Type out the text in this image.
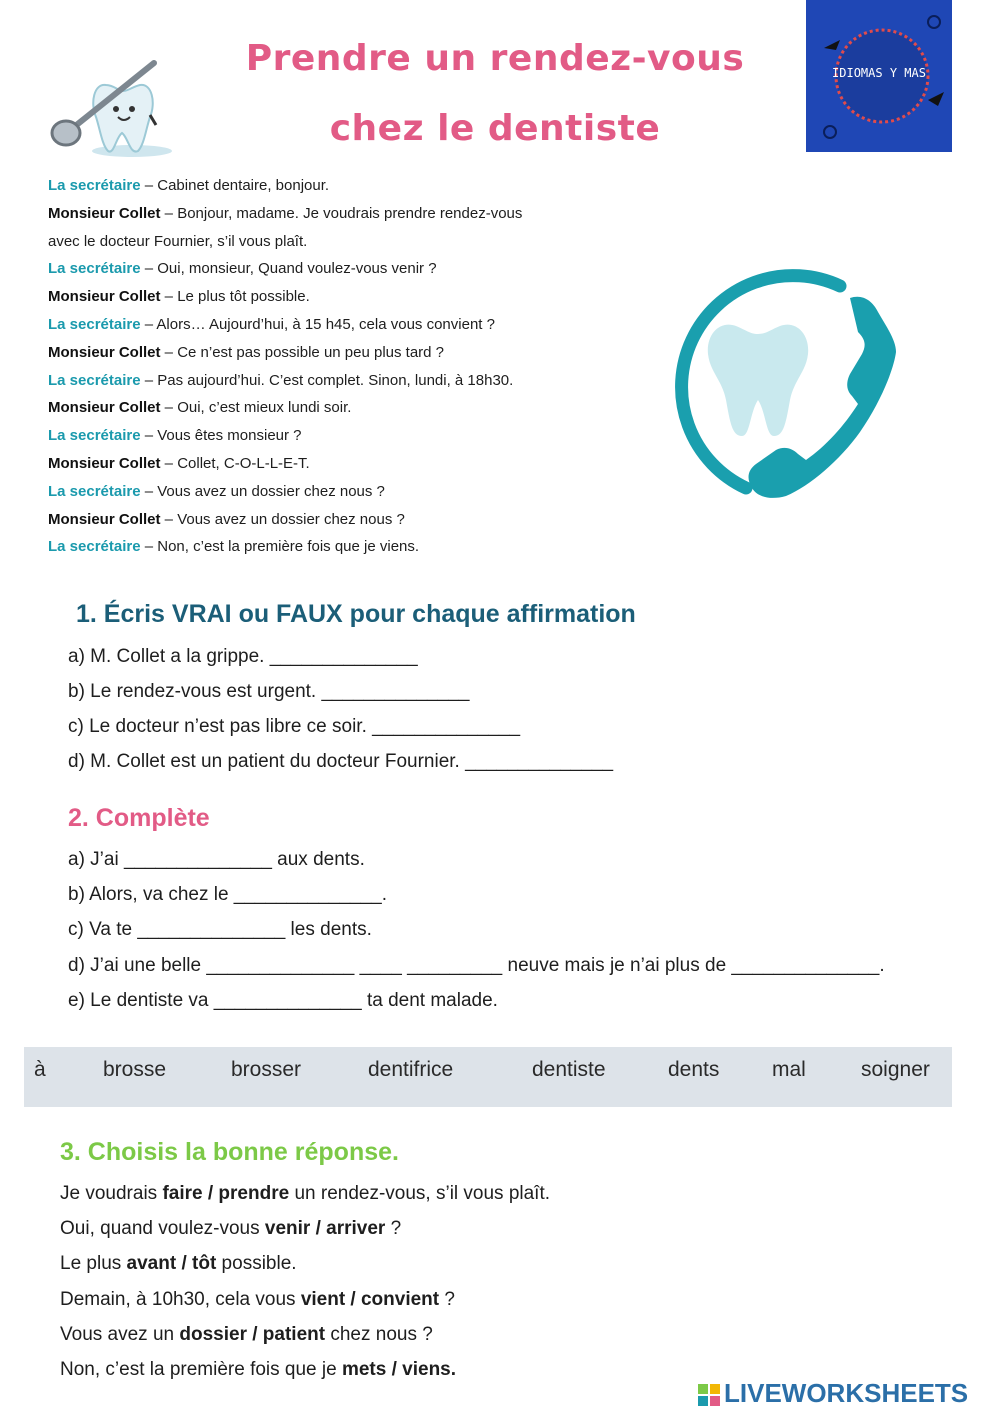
Prendre un rendez-vous
chez le dentiste
IDIOMAS Y MAS
La secrétaire – Cabinet dentaire, bonjour.
Monsieur Collet – Bonjour, madame. Je voudrais prendre rendez-vous
avec le docteur Fournier, s’il vous plaît.
La secrétaire – Oui, monsieur, Quand voulez-vous venir ?
Monsieur Collet – Le plus tôt possible.
La secrétaire – Alors… Aujourd’hui, à 15 h45, cela vous convient ?
Monsieur Collet – Ce n’est pas possible un peu plus tard ?
La secrétaire – Pas aujourd’hui. C’est complet. Sinon, lundi, à 18h30.
Monsieur Collet – Oui, c’est mieux lundi soir.
La secrétaire – Vous êtes monsieur ?
Monsieur Collet – Collet, C-O-L-L-E-T.
La secrétaire – Vous avez un dossier chez nous ?
Monsieur Collet – Vous avez un dossier chez nous ?
La secrétaire – Non, c’est la première fois que je viens.
1. Écris VRAI ou FAUX pour chaque affirmation
a) M. Collet a la grippe. ______________
b) Le rendez-vous est urgent. ______________
c) Le docteur n’est pas libre ce soir. ______________
d) M. Collet est un patient du docteur Fournier. ______________
2. Complète
a) J’ai ______________ aux dents.
b) Alors, va chez le ______________.
c) Va te ______________ les dents.
d) J’ai une belle ______________ ____ _________ neuve mais je n’ai plus de ______________.
e) Le dentiste va ______________ ta dent malade.
à	brosse	brosser	dentifrice	dentiste	dents	mal	soigner
3. Choisis la bonne réponse.
Je voudrais faire / prendre un rendez-vous, s’il vous plaît.
Oui, quand voulez-vous venir / arriver ?
Le plus avant / tôt possible.
Demain, à 10h30, cela vous vient / convient ?
Vous avez un dossier / patient chez nous ?
Non, c’est la première fois que je mets / viens.
LIVEWORKSHEETS
